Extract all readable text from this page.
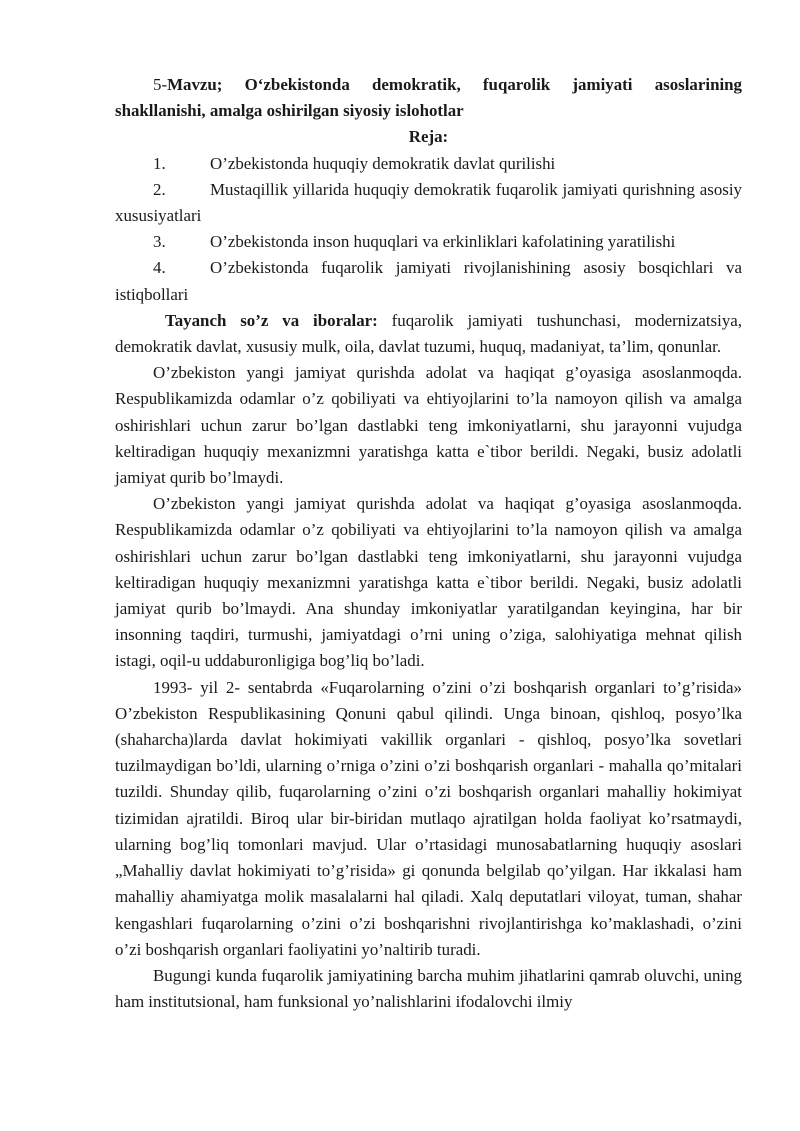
5-Mavzu; O‘zbekistonda demokratik, fuqarolik jamiyati asoslarining shakllanishi, amalga oshirilgan siyosiy islohotlar

Reja:

1.	O’zbekistonda huquqiy demokratik davlat qurilishi

2.	Mustaqillik yillarida huquqiy demokratik fuqarolik jamiyati qurishning asosiy xususiyatlari

3.	O’zbekistonda inson huquqlari va erkinliklari kafolatining yaratilishi

4.	O’zbekistonda fuqarolik jamiyati rivojlanishining asosiy bosqichlari va istiqbollari

Tayanch so’z va iboralar: fuqarolik jamiyati tushunchasi, modernizatsiya, demokratik davlat, xususiy mulk, oila, davlat tuzumi, huquq, madaniyat, ta’lim, qonunlar.

O’zbekiston yangi jamiyat qurishda adolat va haqiqat g’oyasiga asoslanmoqda. Respublikamizda odamlar o’z qobiliyati va ehtiyojlarini to’la namoyon qilish va amalga oshirishlari uchun zarur bo’lgan dastlabki teng imkoniyatlarni, shu jarayonni vujudga keltiradigan huquqiy mexanizmni yaratishga katta e`tibor berildi. Negaki, busiz adolatli jamiyat qurib bo’lmaydi.

O’zbekiston yangi jamiyat qurishda adolat va haqiqat g’oyasiga asoslanmoqda. Respublikamizda odamlar o’z qobiliyati va ehtiyojlarini to’la namoyon qilish va amalga oshirishlari uchun zarur bo’lgan dastlabki teng imkoniyatlarni, shu jarayonni vujudga keltiradigan huquqiy mexanizmni yaratishga katta e`tibor berildi. Negaki, busiz adolatli jamiyat qurib bo’lmaydi. Ana shunday imkoniyatlar yaratilgandan keyingina, har bir insonning taqdiri, turmushi, jamiyatdagi o’rni uning o’ziga, salohiyatiga mehnat qilish istagi, oqil-u uddaburonligiga bog’liq bo’ladi.

1993- yil 2- sentabrda «Fuqarolarning o’zini o’zi boshqarish organlari to’g’risida» O’zbekiston Respublikasining Qonuni qabul qilindi. Unga binoan, qishloq, posyo’lka (shaharcha)larda davlat hokimiyati vakillik organlari - qishloq, posyo’lka sovetlari tuzilmaydigan bo’ldi, ularning o’rniga o’zini o’zi boshqarish organlari - mahalla qo’mitalari tuzildi. Shunday qilib, fuqarolarning o’zini o’zi boshqarish organlari mahalliy hokimiyat tizimidan ajratildi. Biroq ular bir-biridan mutlaqo ajratilgan holda faoliyat ko’rsatmaydi, ularning bog’liq tomonlari mavjud. Ular o’rtasidagi munosabatlarning huquqiy asoslari „Mahalliy davlat hokimiyati to’g’risida» gi qonunda belgilab qo’yilgan. Har ikkalasi ham mahalliy ahamiyatga molik masalalarni hal qiladi. Xalq deputatlari viloyat, tuman, shahar kengashlari fuqarolarning o’zini o’zi boshqarishni rivojlantirishga ko’maklashadi, o’zini o’zi boshqarish organlari faoliyatini yo’naltirib turadi.

Bugungi kunda fuqarolik jamiyatining barcha muhim jihatlarini qamrab oluvchi, uning ham institutsional, ham funksional yo’nalishlarini ifodalovchi ilmiy
